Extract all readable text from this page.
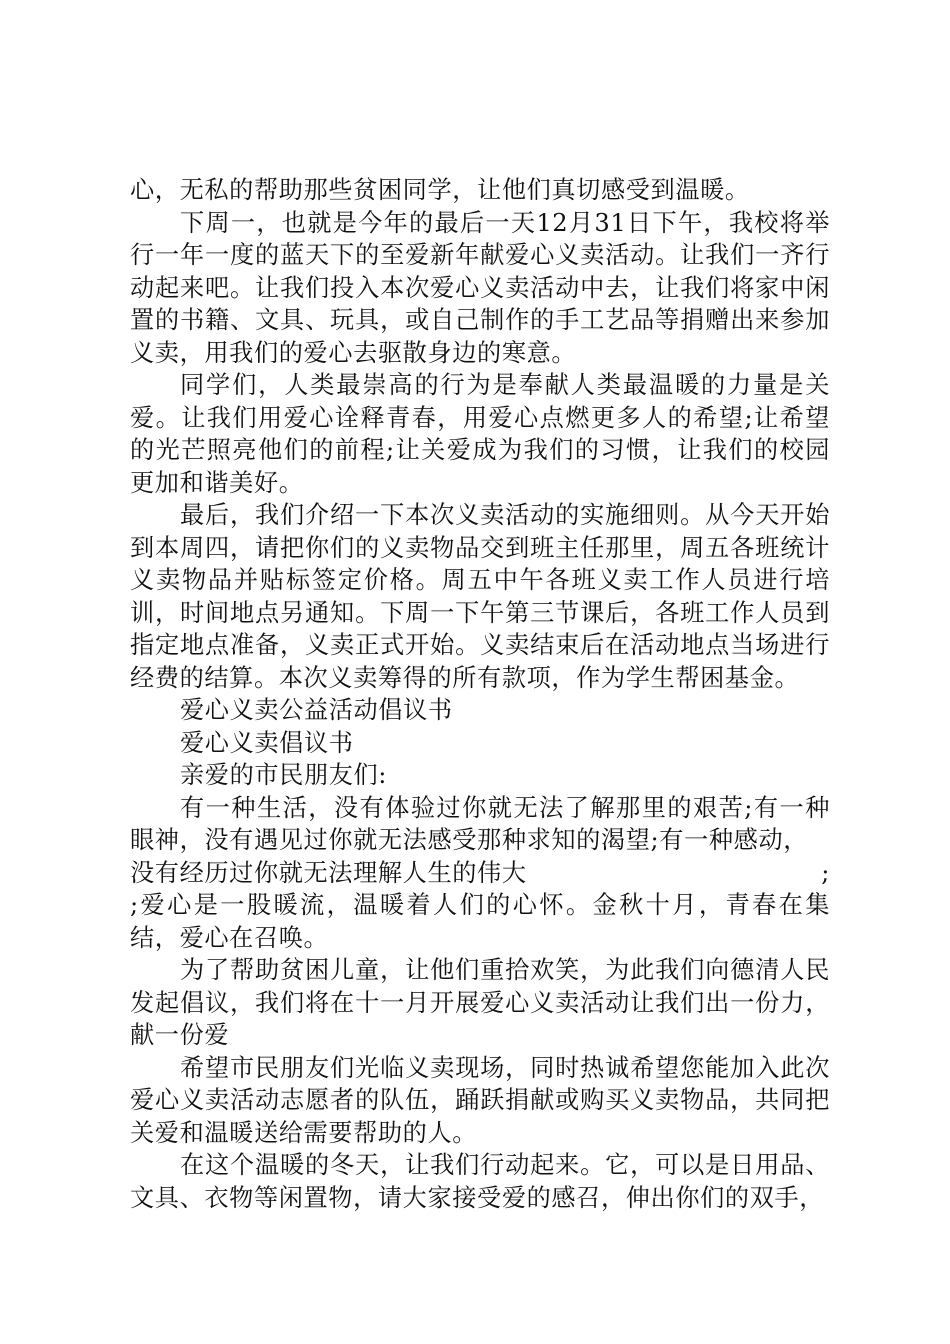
心，无私的帮助那些贫困同学，让他们真切感受到温暖。

下周一，也就是今年的最后一天12月31日下午，我校将举行一年一度的蓝天下的至爱新年献爱心义卖活动。让我们一齐行动起来吧。让我们投入本次爱心义卖活动中去，让我们将家中闲置的书籍、文具、玩具，或自己制作的手工艺品等捐赠出来参加义卖，用我们的爱心去驱散身边的寒意。

同学们，人类最崇高的行为是奉献人类最温暖的力量是关爱。让我们用爱心诠释青春，用爱心点燃更多人的希望;让希望的光芒照亮他们的前程;让关爱成为我们的习惯，让我们的校园更加和谐美好。

最后，我们介绍一下本次义卖活动的实施细则。从今天开始到本周四，请把你们的义卖物品交到班主任那里，周五各班统计义卖物品并贴标签定价格。周五中午各班义卖工作人员进行培训，时间地点另通知。下周一下午第三节课后，各班工作人员到指定地点准备，义卖正式开始。义卖结束后在活动地点当场进行经费的结算。本次义卖筹得的所有款项，作为学生帮困基金。

爱心义卖公益活动倡议书

爱心义卖倡议书

亲爱的市民朋友们:

有一种生活，没有体验过你就无法了解那里的艰苦;有一种眼神，没有遇见过你就无法感受那种求知的渴望;有一种感动，

没有经历过你就无法理解人生的伟大	;

;爱心是一股暖流，温暖着人们的心怀。金秋十月，青春在集结，爱心在召唤。

为了帮助贫困儿童，让他们重拾欢笑，为此我们向德清人民发起倡议，我们将在十一月开展爱心义卖活动让我们出一份力，献一份爱

希望市民朋友们光临义卖现场，同时热诚希望您能加入此次爱心义卖活动志愿者的队伍，踊跃捐献或购买义卖物品，共同把关爱和温暖送给需要帮助的人。

在这个温暖的冬天，让我们行动起来。它，可以是日用品、文具、衣物等闲置物，请大家接受爱的感召，伸出你们的双手，
